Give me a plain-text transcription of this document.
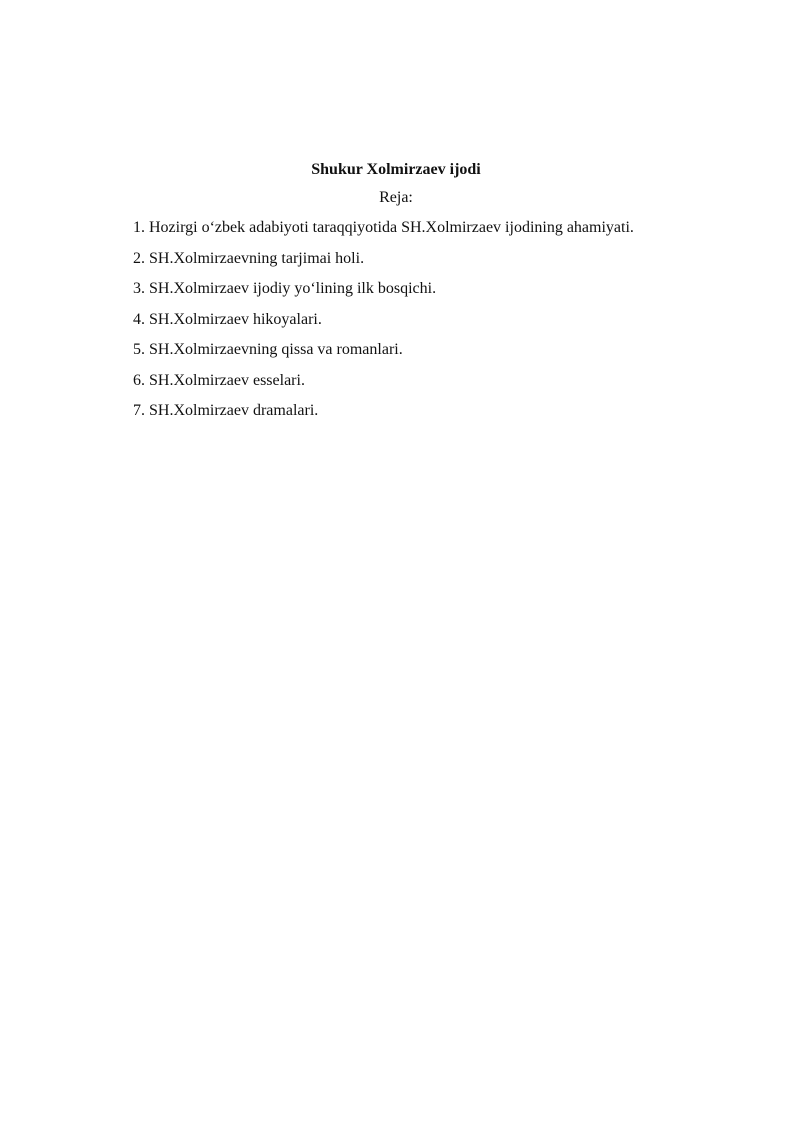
Shukur Xolmirzaev ijodi

Reja:

1. Hozirgi o‘zbek adabiyoti taraqqiyotida SH.Xolmirzaev ijodining ahamiyati.

2. SH.Xolmirzaevning tarjimai holi.

3. SH.Xolmirzaev ijodiy yo‘lining ilk bosqichi.

4. SH.Xolmirzaev hikoyalari.

5. SH.Xolmirzaevning qissa va romanlari.

6. SH.Xolmirzaev esselari.

7. SH.Xolmirzaev dramalari.
